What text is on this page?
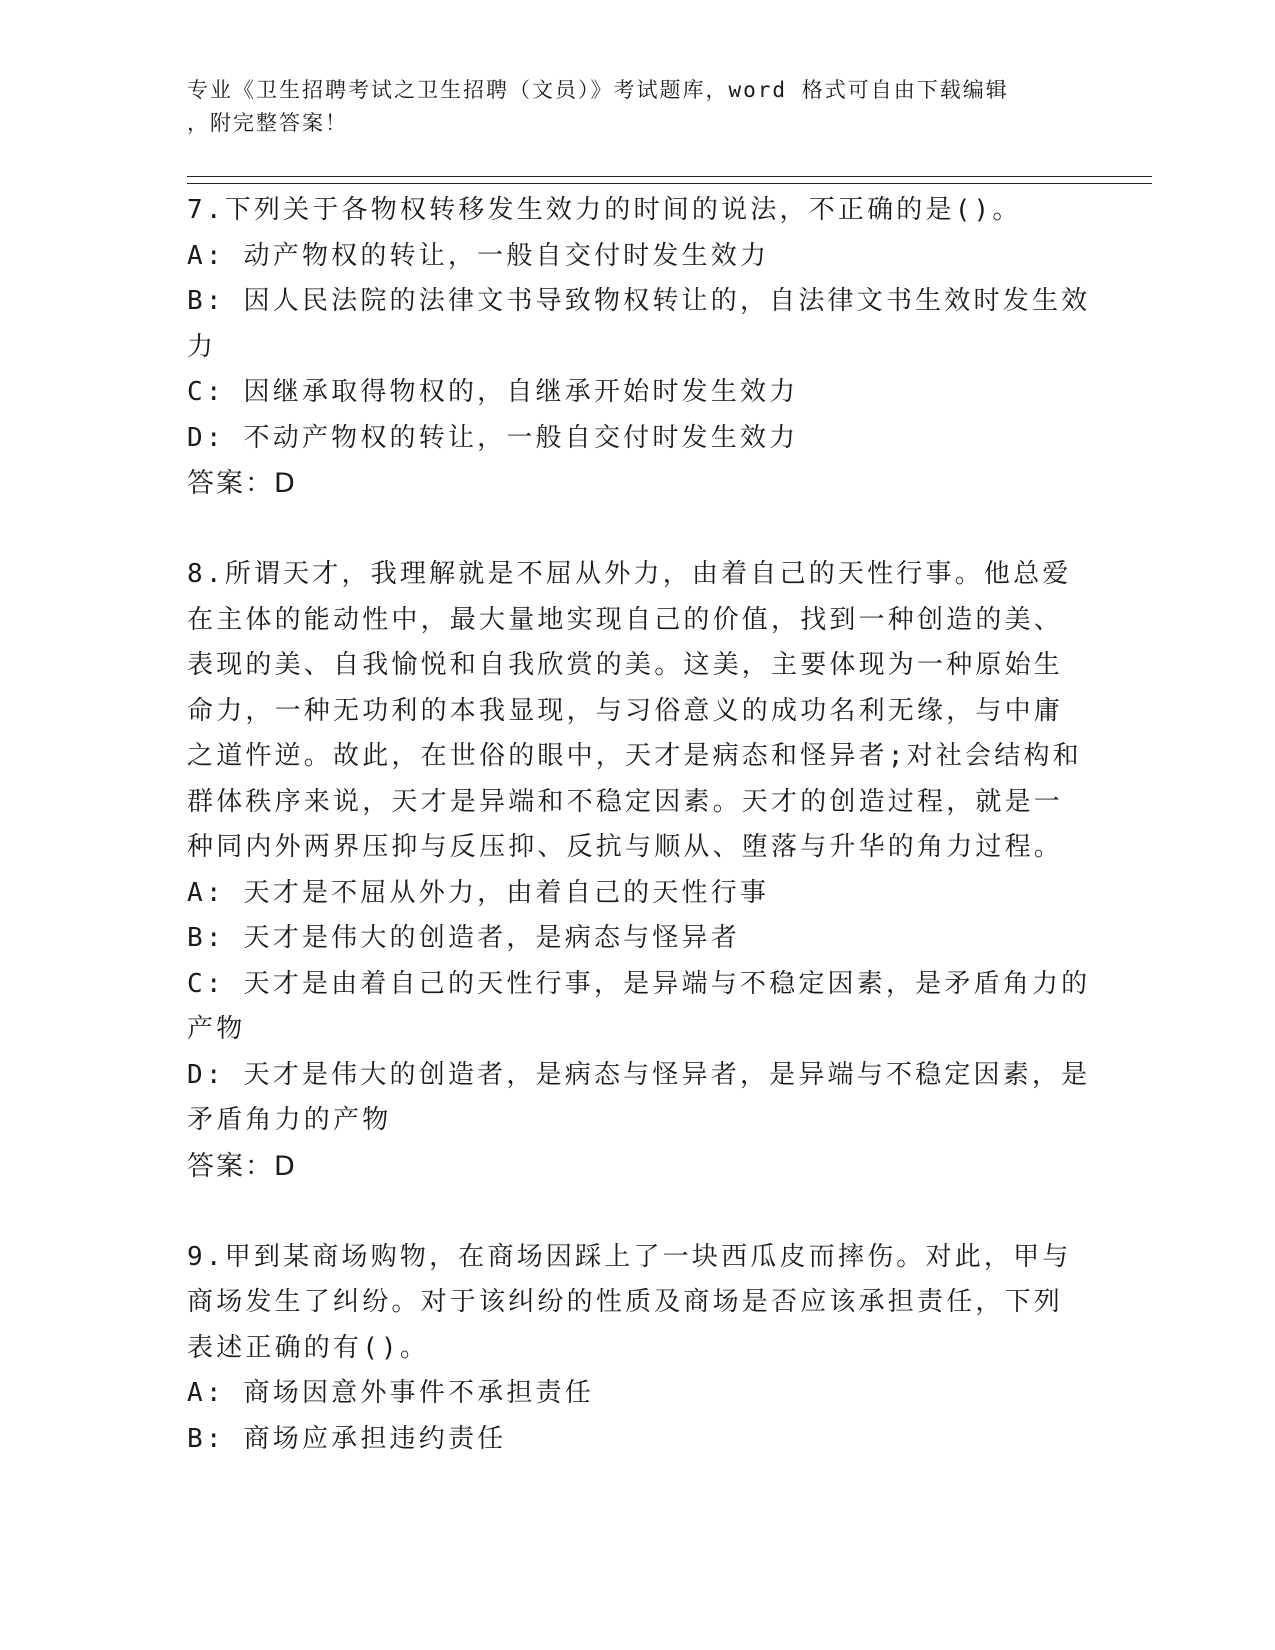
专业《卫生招聘考试之卫生招聘（文员）》考试题库，word 格式可自由下载编辑
，附完整答案！
7.下列关于各物权转移发生效力的时间的说法，不正确的是()。
A: 动产物权的转让，一般自交付时发生效力
B: 因人民法院的法律文书导致物权转让的，自法律文书生效时发生效
力
C: 因继承取得物权的，自继承开始时发生效力
D: 不动产物权的转让，一般自交付时发生效力
答案：D
8.所谓天才，我理解就是不屈从外力，由着自己的天性行事。他总爱
在主体的能动性中，最大量地实现自己的价值，找到一种创造的美、
表现的美、自我愉悦和自我欣赏的美。这美，主要体现为一种原始生
命力，一种无功利的本我显现，与习俗意义的成功名利无缘，与中庸
之道忤逆。故此，在世俗的眼中，天才是病态和怪异者;对社会结构和
群体秩序来说，天才是异端和不稳定因素。天才的创造过程，就是一
种同内外两界压抑与反压抑、反抗与顺从、堕落与升华的角力过程。
A: 天才是不屈从外力，由着自己的天性行事
B: 天才是伟大的创造者，是病态与怪异者
C: 天才是由着自己的天性行事，是异端与不稳定因素，是矛盾角力的
产物
D: 天才是伟大的创造者，是病态与怪异者，是异端与不稳定因素，是
矛盾角力的产物
答案：D
9.甲到某商场购物，在商场因踩上了一块西瓜皮而摔伤。对此，甲与
商场发生了纠纷。对于该纠纷的性质及商场是否应该承担责任，下列
表述正确的有()。
A: 商场因意外事件不承担责任
B: 商场应承担违约责任
